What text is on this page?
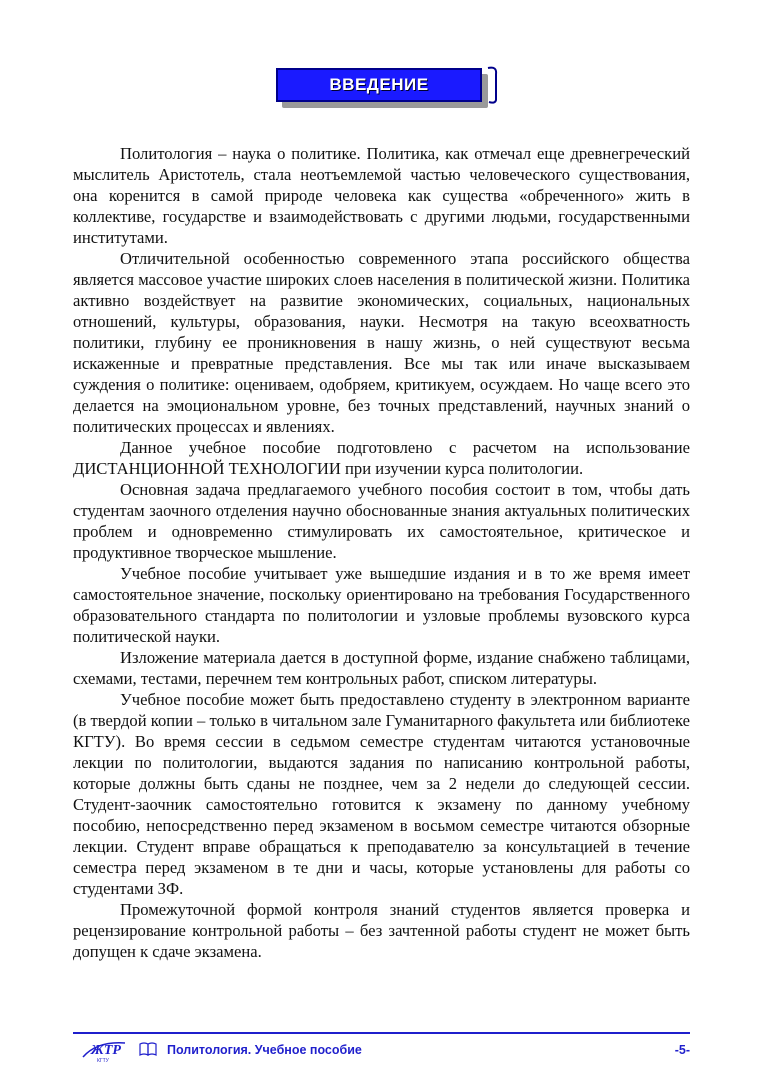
ВВЕДЕНИЕ

Политология – наука о политике. Политика, как отмечал еще древнегреческий мыслитель Аристотель, стала неотъемлемой частью человеческого существования, она коренится в самой природе человека как существа «обреченного» жить в коллективе, государстве и взаимодействовать с другими людьми, государственными институтами.

Отличительной особенностью современного этапа российского общества является массовое участие широких слоев населения в политической жизни. Политика активно воздействует на развитие экономических, социальных, национальных отношений, культуры, образования, науки. Несмотря на такую всеохватность политики, глубину ее проникновения в нашу жизнь, о ней существуют весьма искаженные и превратные представления. Все мы так или иначе высказываем суждения о политике: оцениваем, одобряем, критикуем, осуждаем. Но чаще всего это делается на эмоциональном уровне, без точных представлений, научных знаний о политических процессах и явлениях.

Данное учебное пособие подготовлено с расчетом на использование ДИСТАНЦИОННОЙ ТЕХНОЛОГИИ при изучении курса политологии.

Основная задача предлагаемого учебного пособия состоит в том, чтобы дать студентам заочного отделения научно обоснованные знания актуальных политических проблем и одновременно стимулировать их самостоятельное, критическое и продуктивное творческое мышление.

Учебное пособие учитывает уже вышедшие издания и в то же время имеет самостоятельное значение, поскольку ориентировано на требования Государственного образовательного стандарта по политологии и узловые проблемы вузовского курса политической науки.

Изложение материала дается в доступной форме, издание снабжено таблицами, схемами, тестами, перечнем тем контрольных работ, списком литературы.

Учебное пособие может быть предоставлено студенту в электронном варианте (в твердой копии – только в читальном зале Гуманитарного факультета или библиотеке КГТУ). Во время сессии в седьмом семестре студентам читаются установочные лекции по политологии, выдаются задания по написанию контрольной работы, которые должны быть сданы не позднее, чем за 2 недели до следующей сессии. Студент-заочник самостоятельно готовится к экзамену по данному учебному пособию, непосредственно перед экзаменом в восьмом семестре читаются обзорные лекции. Студент вправе обращаться к преподавателю за консультацией в течение семестра перед экзаменом в те дни и часы, которые установлены для работы со студентами ЗФ.

Промежуточной формой контроля знаний студентов является проверка и рецензирование контрольной работы – без зачтенной работы студент не может быть допущен к сдаче экзамена.

ЖТР
КГТУ
Политология. Учебное пособие	-5-
